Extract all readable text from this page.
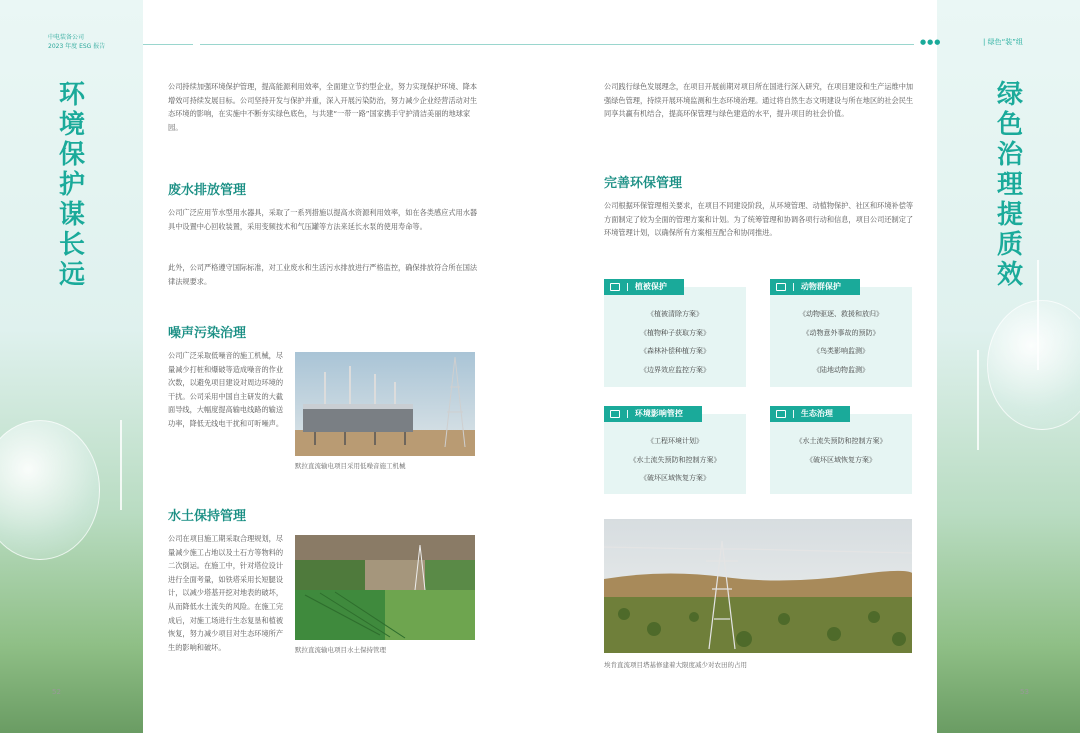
中电装备公司
2023 年度 ESG 报告
●●●	| 绿色“装”组
环境保护谋长远
绿色治理提质效

公司持续加强环境保护管理，提高能源利用效率，全面建立节约型企业，努力实现保护环境、降本增效可持续发展目标。公司坚持开发与保护并重，深入开展污染防治，努力减少企业经营活动对生态环境的影响，在实施中不断夯实绿色底色，与共建“一带一路”国家携手守护清洁美丽的地球家园。

废水排放管理

公司广泛应用节水型用水器具，采取了一系列措施以提高水资源利用效率，如在各类感应式用水器具中设置中心回收装置，采用变频技术和气压罐等方法来延长水泵的使用寿命等。

此外，公司严格遵守国际标准，对工业废水和生活污水排放进行严格监控，确保排放符合所在国法律法规要求。

噪声污染治理

公司广泛采取低噪音的施工机械，尽量减少打桩和爆破等造成噪音的作业次数，以避免项目建设对周边环境的干扰。公司采用中国自主研发的大截面导线，大幅度提高输电线路的输送功率，降低无线电干扰和可听噪声。

默拉直流输电项目采用低噪音施工机械
水土保持管理

公司在项目施工期采取合理规划，尽量减少施工占地以及土石方等物料的二次倒运。在施工中，针对塔位设计进行全面考量，如铁塔采用长短腿设计，以减少塔基开挖对地表的破坏，从而降低水土流失的风险。在施工完成后，对施工场进行生态复垦和植被恢复，努力减少项目对生态环境所产生的影响和破坏。	默拉直流输电项目水土保持管理
52

公司践行绿色发展理念，在项目开展前期对项目所在国进行深入研究，在项目建设和生产运维中加强绿色管理，持续开展环境监测和生态环境治理。通过将自然生态文明建设与所在地区的社会民生同享共赢有机结合，提高环保管理与绿色建造的水平，提升项目的社会价值。

完善环保管理

公司根据环保管理相关要求，在项目不同建设阶段，从环境管理、动植物保护、社区和环境补偿等方面制定了较为全面的管理方案和计划。为了统筹管理和协调各项行动和信息，项目公司还制定了环境管理计划，以确保所有方案相互配合和协同推进。

| 植被保护
《植被清除方案》
《植物种子获取方案》
《森林补偿种植方案》
《边界效应监控方案》
| 动物群保护
《动物驱逐、救援和放归》
《动物意外事故的预防》
《鸟类影响监测》
《陆地动物监测》
| 环境影响管控
《工程环境计划》
《水土流失预防和控制方案》
《破坏区域恢复方案》
| 生态治理
《水土流失预防和控制方案》
《破坏区域恢复方案》
埃肯直流项目塔基修建着大限度减少对农田的占用
53
